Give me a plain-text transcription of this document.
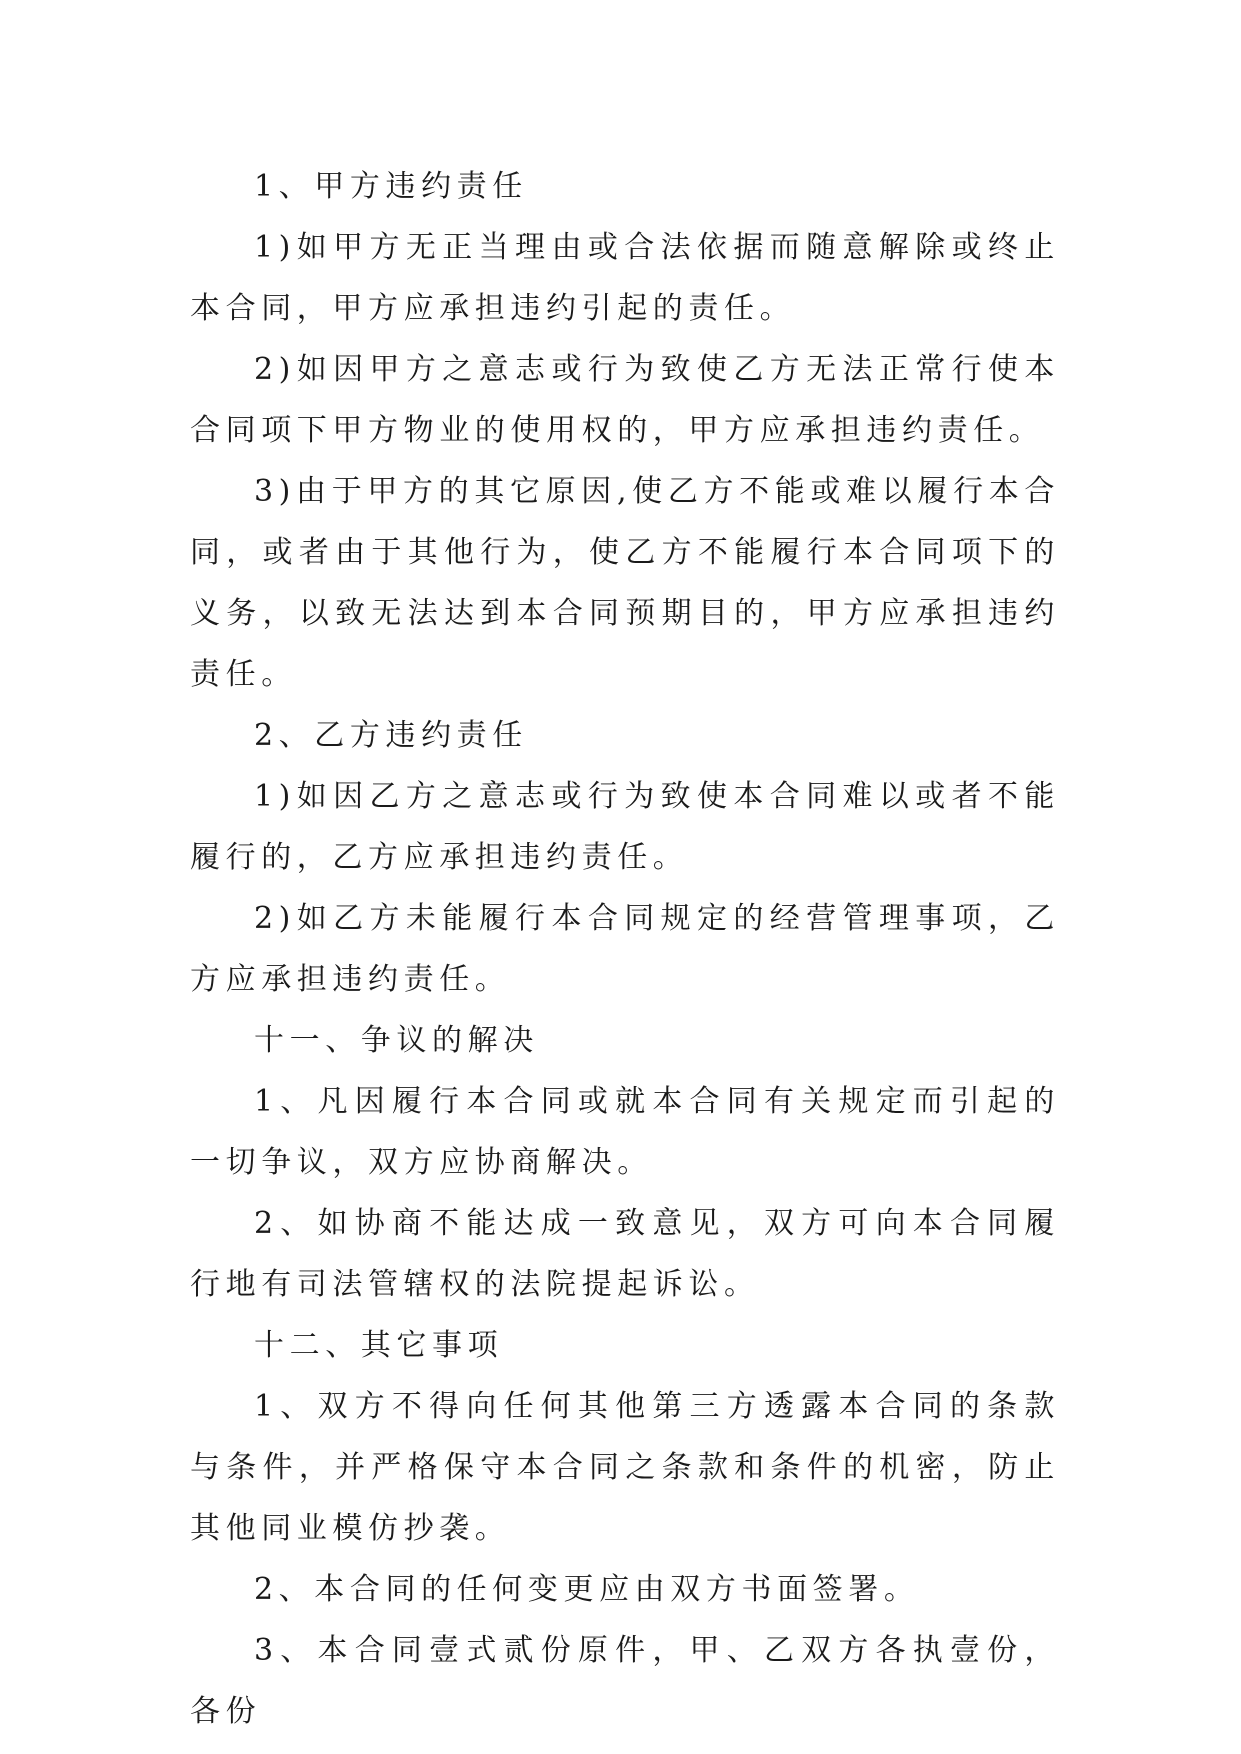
1、甲方违约责任

1)如甲方无正当理由或合法依据而随意解除或终止本合同，甲方应承担违约引起的责任。

2)如因甲方之意志或行为致使乙方无法正常行使本合同项下甲方物业的使用权的，甲方应承担违约责任。

3)由于甲方的其它原因,使乙方不能或难以履行本合同，或者由于其他行为，使乙方不能履行本合同项下的义务，以致无法达到本合同预期目的，甲方应承担违约责任。

2、乙方违约责任

1)如因乙方之意志或行为致使本合同难以或者不能履行的，乙方应承担违约责任。

2)如乙方未能履行本合同规定的经营管理事项，乙方应承担违约责任。

十一、争议的解决

1、凡因履行本合同或就本合同有关规定而引起的一切争议，双方应协商解决。

2、如协商不能达成一致意见，双方可向本合同履行地有司法管辖权的法院提起诉讼。

十二、其它事项

1、双方不得向任何其他第三方透露本合同的条款与条件，并严格保守本合同之条款和条件的机密，防止其他同业模仿抄袭。

2、本合同的任何变更应由双方书面签署。

3、本合同壹式贰份原件，甲、乙双方各执壹份，各份
